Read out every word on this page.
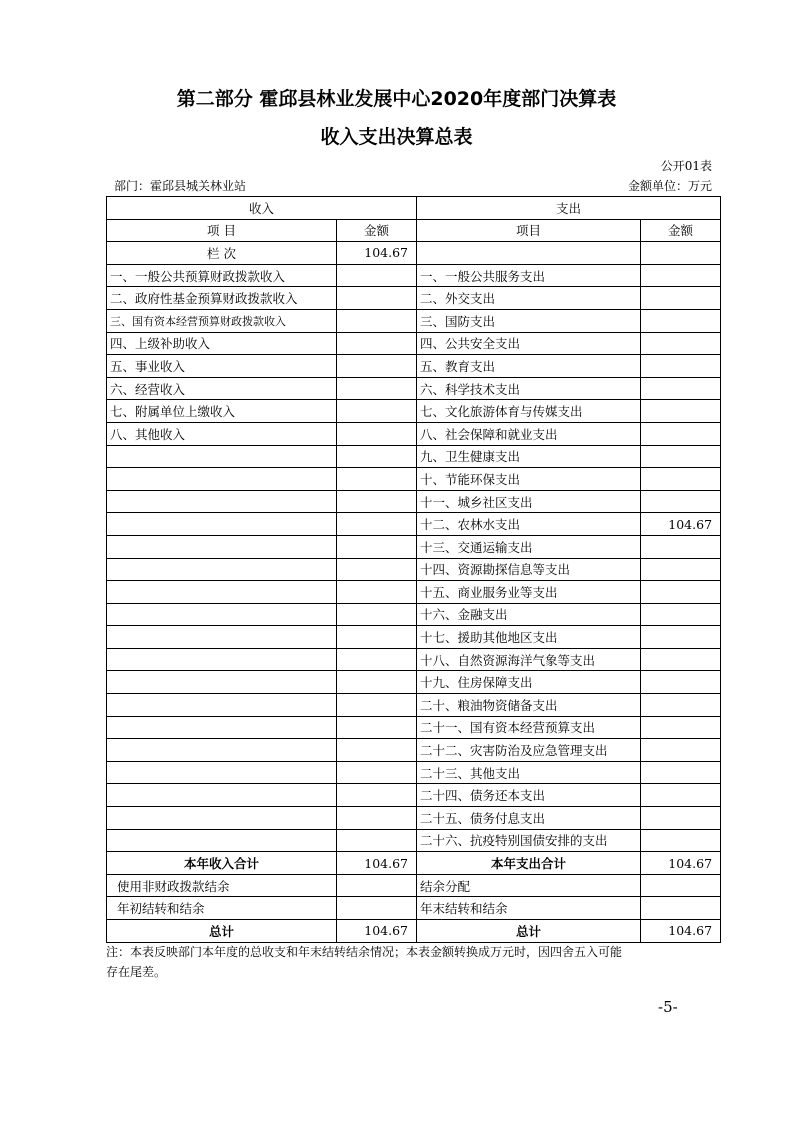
第二部分 霍邱县林业发展中心2020年度部门决算表
收入支出决算总表
公开01表
部门：霍邱县城关林业站	金额单位：万元
收入		支出	
项 目	金额	项目	金额
栏 次	104.67		
一、一般公共预算财政拨款收入		一、一般公共服务支出	
二、政府性基金预算财政拨款收入		二、外交支出	
三、国有资本经营预算财政拨款收入		三、国防支出	
四、上级补助收入		四、公共安全支出	
五、事业收入		五、教育支出	
六、经营收入		六、科学技术支出	
七、附属单位上缴收入		七、文化旅游体育与传媒支出	
八、其他收入		八、社会保障和就业支出	
		九、卫生健康支出	
		十、节能环保支出	
		十一、城乡社区支出	
		十二、农林水支出	104.67
		十三、交通运输支出	
		十四、资源勘探信息等支出	
		十五、商业服务业等支出	
		十六、金融支出	
		十七、援助其他地区支出	
		十八、自然资源海洋气象等支出	
		十九、住房保障支出	
		二十、粮油物资储备支出	
		二十一、国有资本经营预算支出	
		二十二、灾害防治及应急管理支出	
		二十三、其他支出	
		二十四、债务还本支出	
		二十五、债务付息支出	
		二十六、抗疫特别国债安排的支出	
本年收入合计	104.67	本年支出合计	104.67
使用非财政拨款结余		结余分配	
年初结转和结余		年末结转和结余	
总计	104.67	总计	104.67
注：本表反映部门本年度的总收支和年末结转结余情况；本表金额转换成万元时，因四舍五入可能
存在尾差。
-5-
